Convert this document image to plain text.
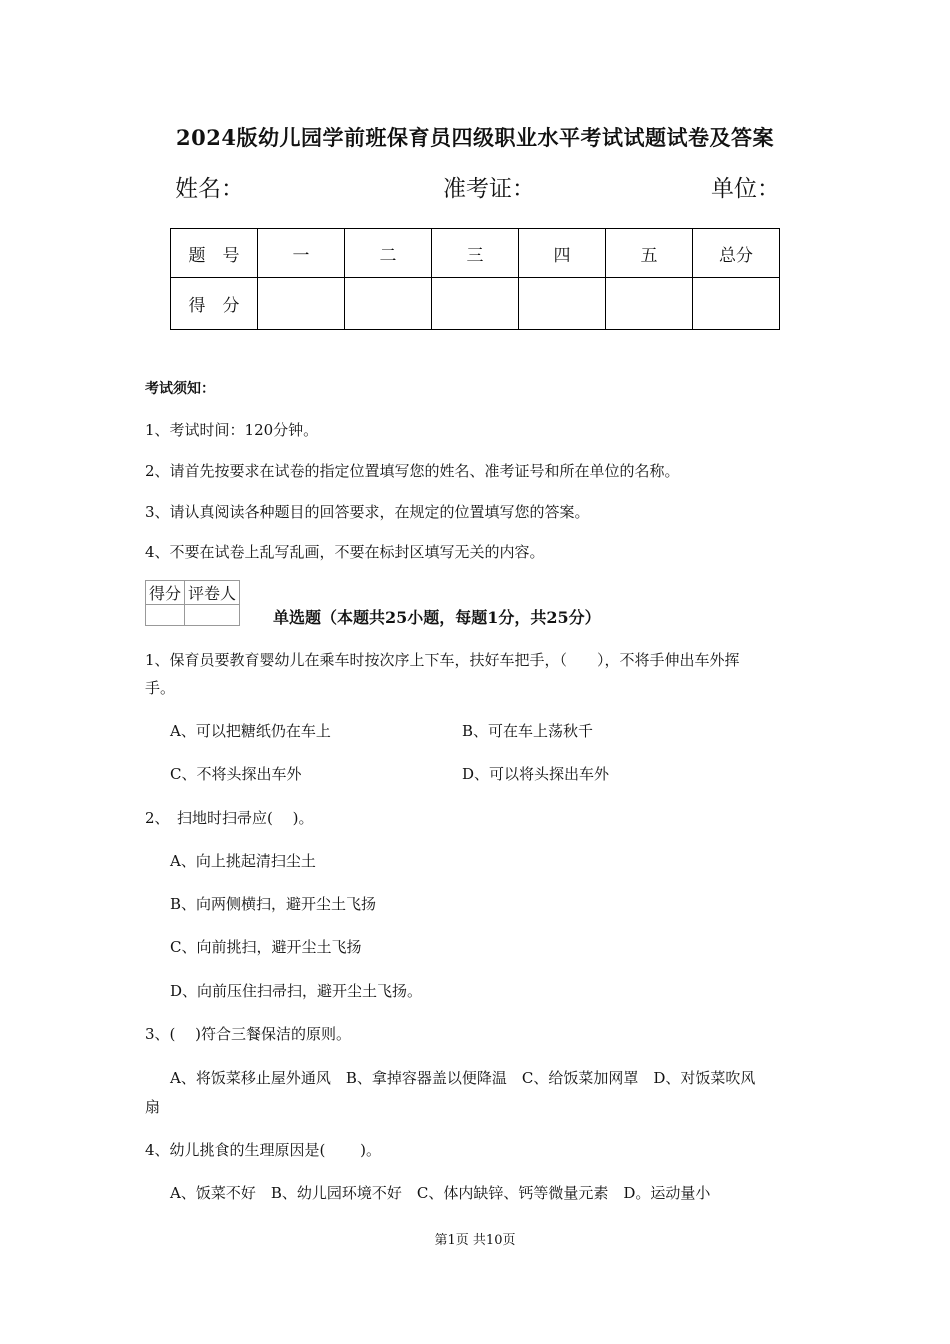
2024版幼儿园学前班保育员四级职业水平考试试题试卷及答案
姓名：	准考证：	单位：
题　号	一	二	三	四	五	总分
得　分						
考试须知：
1、考试时间：120分钟。
2、请首先按要求在试卷的指定位置填写您的姓名、准考证号和所在单位的名称。
3、请认真阅读各种题目的回答要求，在规定的位置填写您的答案。
4、不要在试卷上乱写乱画，不要在标封区填写无关的内容。
得分	评卷人

单选题（本题共25小题，每题1分，共25分）
1、保育员要教育婴幼儿在乘车时按次序上下车，扶好车把手，（　　），不将手伸出车外挥
手。
A、可以把糖纸仍在车上	B、可在车上荡秋千
C、不将头探出车外	D、可以将头探出车外
2、　扫地时扫帚应(　 )。
A、向上挑起清扫尘土
B、向两侧横扫，避开尘土飞扬
C、向前挑扫，避开尘土飞扬
D、向前压住扫帚扫，避开尘土飞扬。
3、(　 )符合三餐保洁的原则。
A、将饭菜移止屋外通风　B、拿掉容器盖以便降温　C、给饭菜加网罩　D、对饭菜吹风
扇
4、幼儿挑食的生理原因是(　　 )。
A、饭菜不好　B、幼儿园环境不好　C、体内缺锌、钙等微量元素　D。运动量小
第1页 共10页
